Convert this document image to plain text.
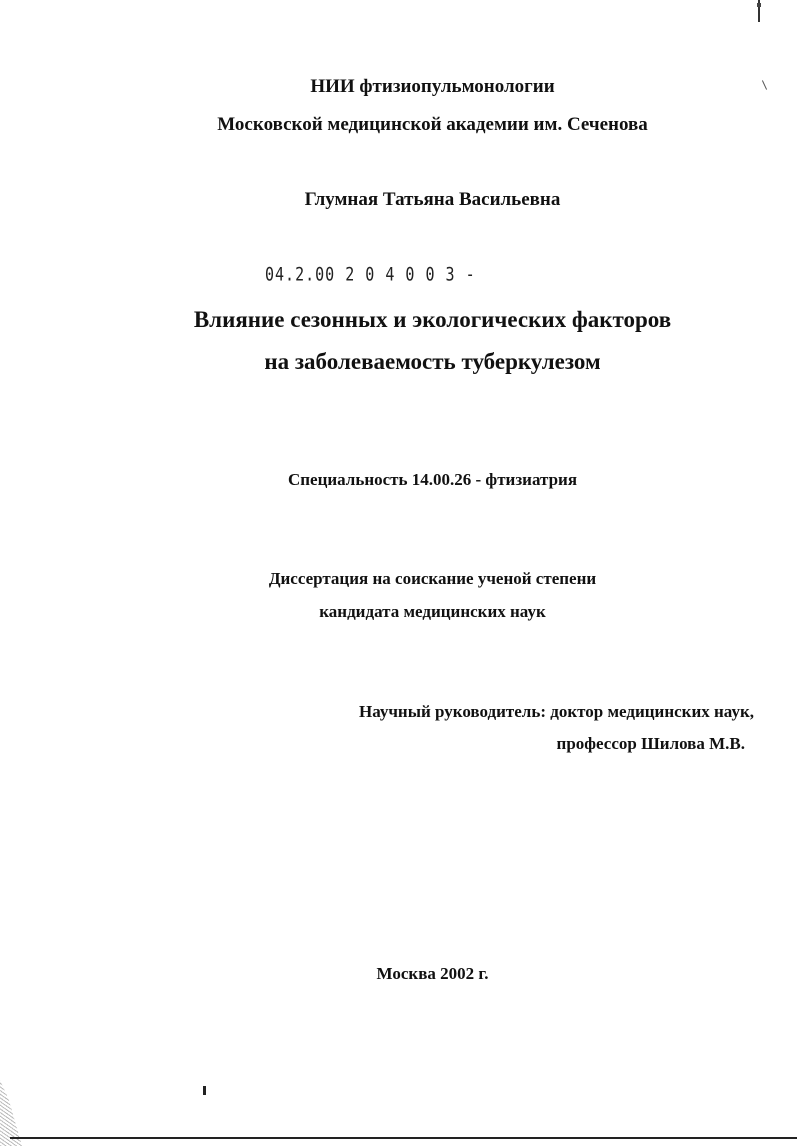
НИИ фтизиопульмонологии
Московской медицинской академии им. Сеченова
Глумная Татьяна Васильевна
04.2.00 2 0 4 0 0 3 -
Влияние сезонных и экологических факторов
на заболеваемость туберкулезом
Специальность 14.00.26 - фтизиатрия
Диссертация на соискание ученой степени
кандидата медицинских наук
Научный руководитель: доктор медицинских наук,
профессор Шилова М.В.
Москва 2002 г.
